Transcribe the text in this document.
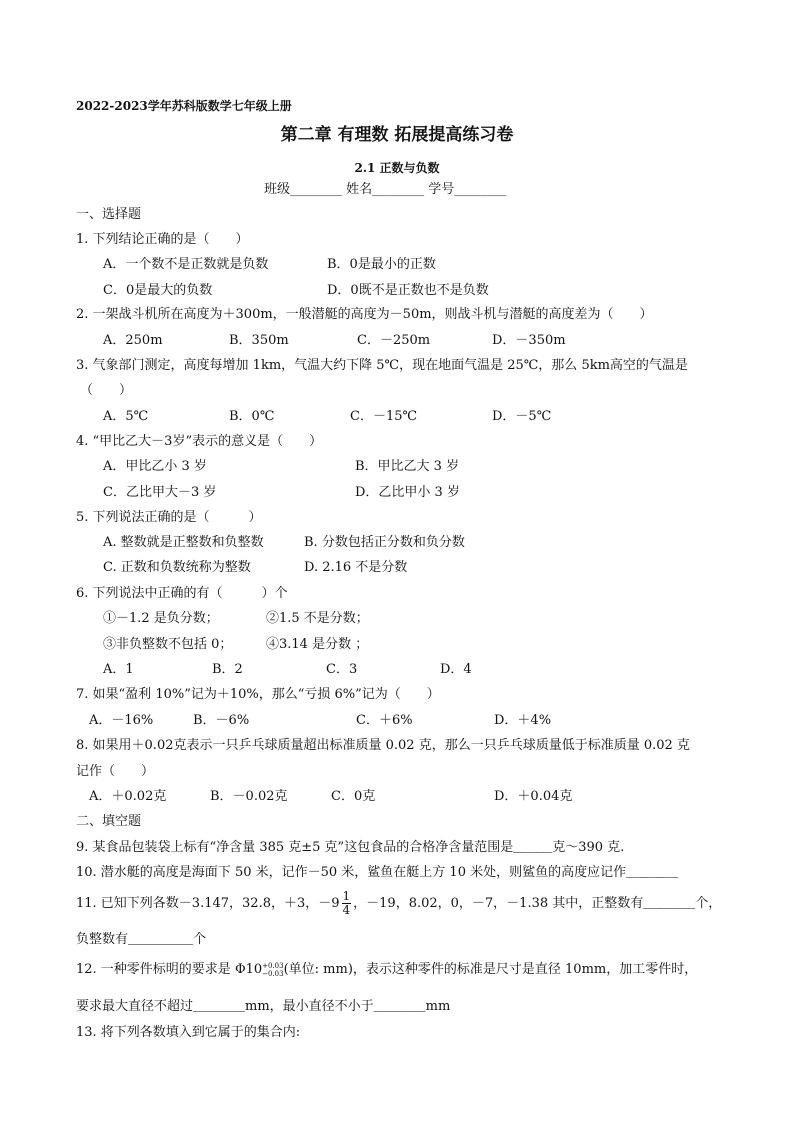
2022-2023学年苏科版数学七年级上册
第二章 有理数 拓展提高练习卷
2.1 正数与负数
班级________ 姓名________ 学号________
一、选择题
1. 下列结论正确的是（　　）
A．一个数不是正数就是负数	B．0是最小的正数
C．0是最大的负数	D．0既不是正数也不是负数
2. 一架战斗机所在高度为＋300m，一般潜艇的高度为－50m，则战斗机与潜艇的高度差为（　　）
A．250m	B．350m	C．－250m	D．－350m
3. 气象部门测定，高度每增加 1km，气温大约下降 5℃，现在地面气温是 25℃，那么 5km高空的气温是
（　　）
A．5℃	B．0℃	C．－15℃	D．－5℃
4. “甲比乙大－3岁”表示的意义是（　　）
A．甲比乙小 3 岁	B．甲比乙大 3 岁
C．乙比甲大－3 岁	D．乙比甲小 3 岁
5. 下列说法正确的是（　　　）
A. 整数就是正整数和负整数	B. 分数包括正分数和负分数
C. 正数和负数统称为整数	D. 2.16 不是分数
6. 下列说法中正确的有（　　　）个
①－1.2 是负分数；	②1.5 不是分数；
③非负整数不包括 0；	④3.14 是分数 ；
A．1	B．2	C．3	D．4
7. 如果“盈利 10%”记为＋10%，那么“亏损 6%”记为（　　）
A．－16%	B．－6%	C．＋6%	D．＋4%
8. 如果用＋0.02克表示一只乒乓球质量超出标准质量 0.02 克，那么一只乒乓球质量低于标准质量 0.02 克
记作（　　）
A．＋0.02克	B．－0.02克	C．0克	D．＋0.04克
二、填空题
9. 某食品包装袋上标有“净含量 385 克±5 克”这包食品的合格净含量范围是＿＿＿克～390 克.
10. 潜水艇的高度是海面下 50 米，记作－50 米，鲨鱼在艇上方 10 米处，则鲨鱼的高度应记作＿＿＿＿
11. 已知下列各数－3.147，32.8，＋3，$-9 \frac{1}{4}$ ，－19，8.02，0，－7，－1.38 其中，正整数有＿＿＿＿个，
负整数有＿＿＿＿＿个
12. 一种零件标明的要求是 Φ10 +0.03
−0.03 (单位: mm)，表示这种零件的标准是尺寸是直径 10mm，加工零件时，
要求最大直径不超过＿＿＿＿mm，最小直径不小于＿＿＿＿mm
13. 将下列各数填入到它属于的集合内:
